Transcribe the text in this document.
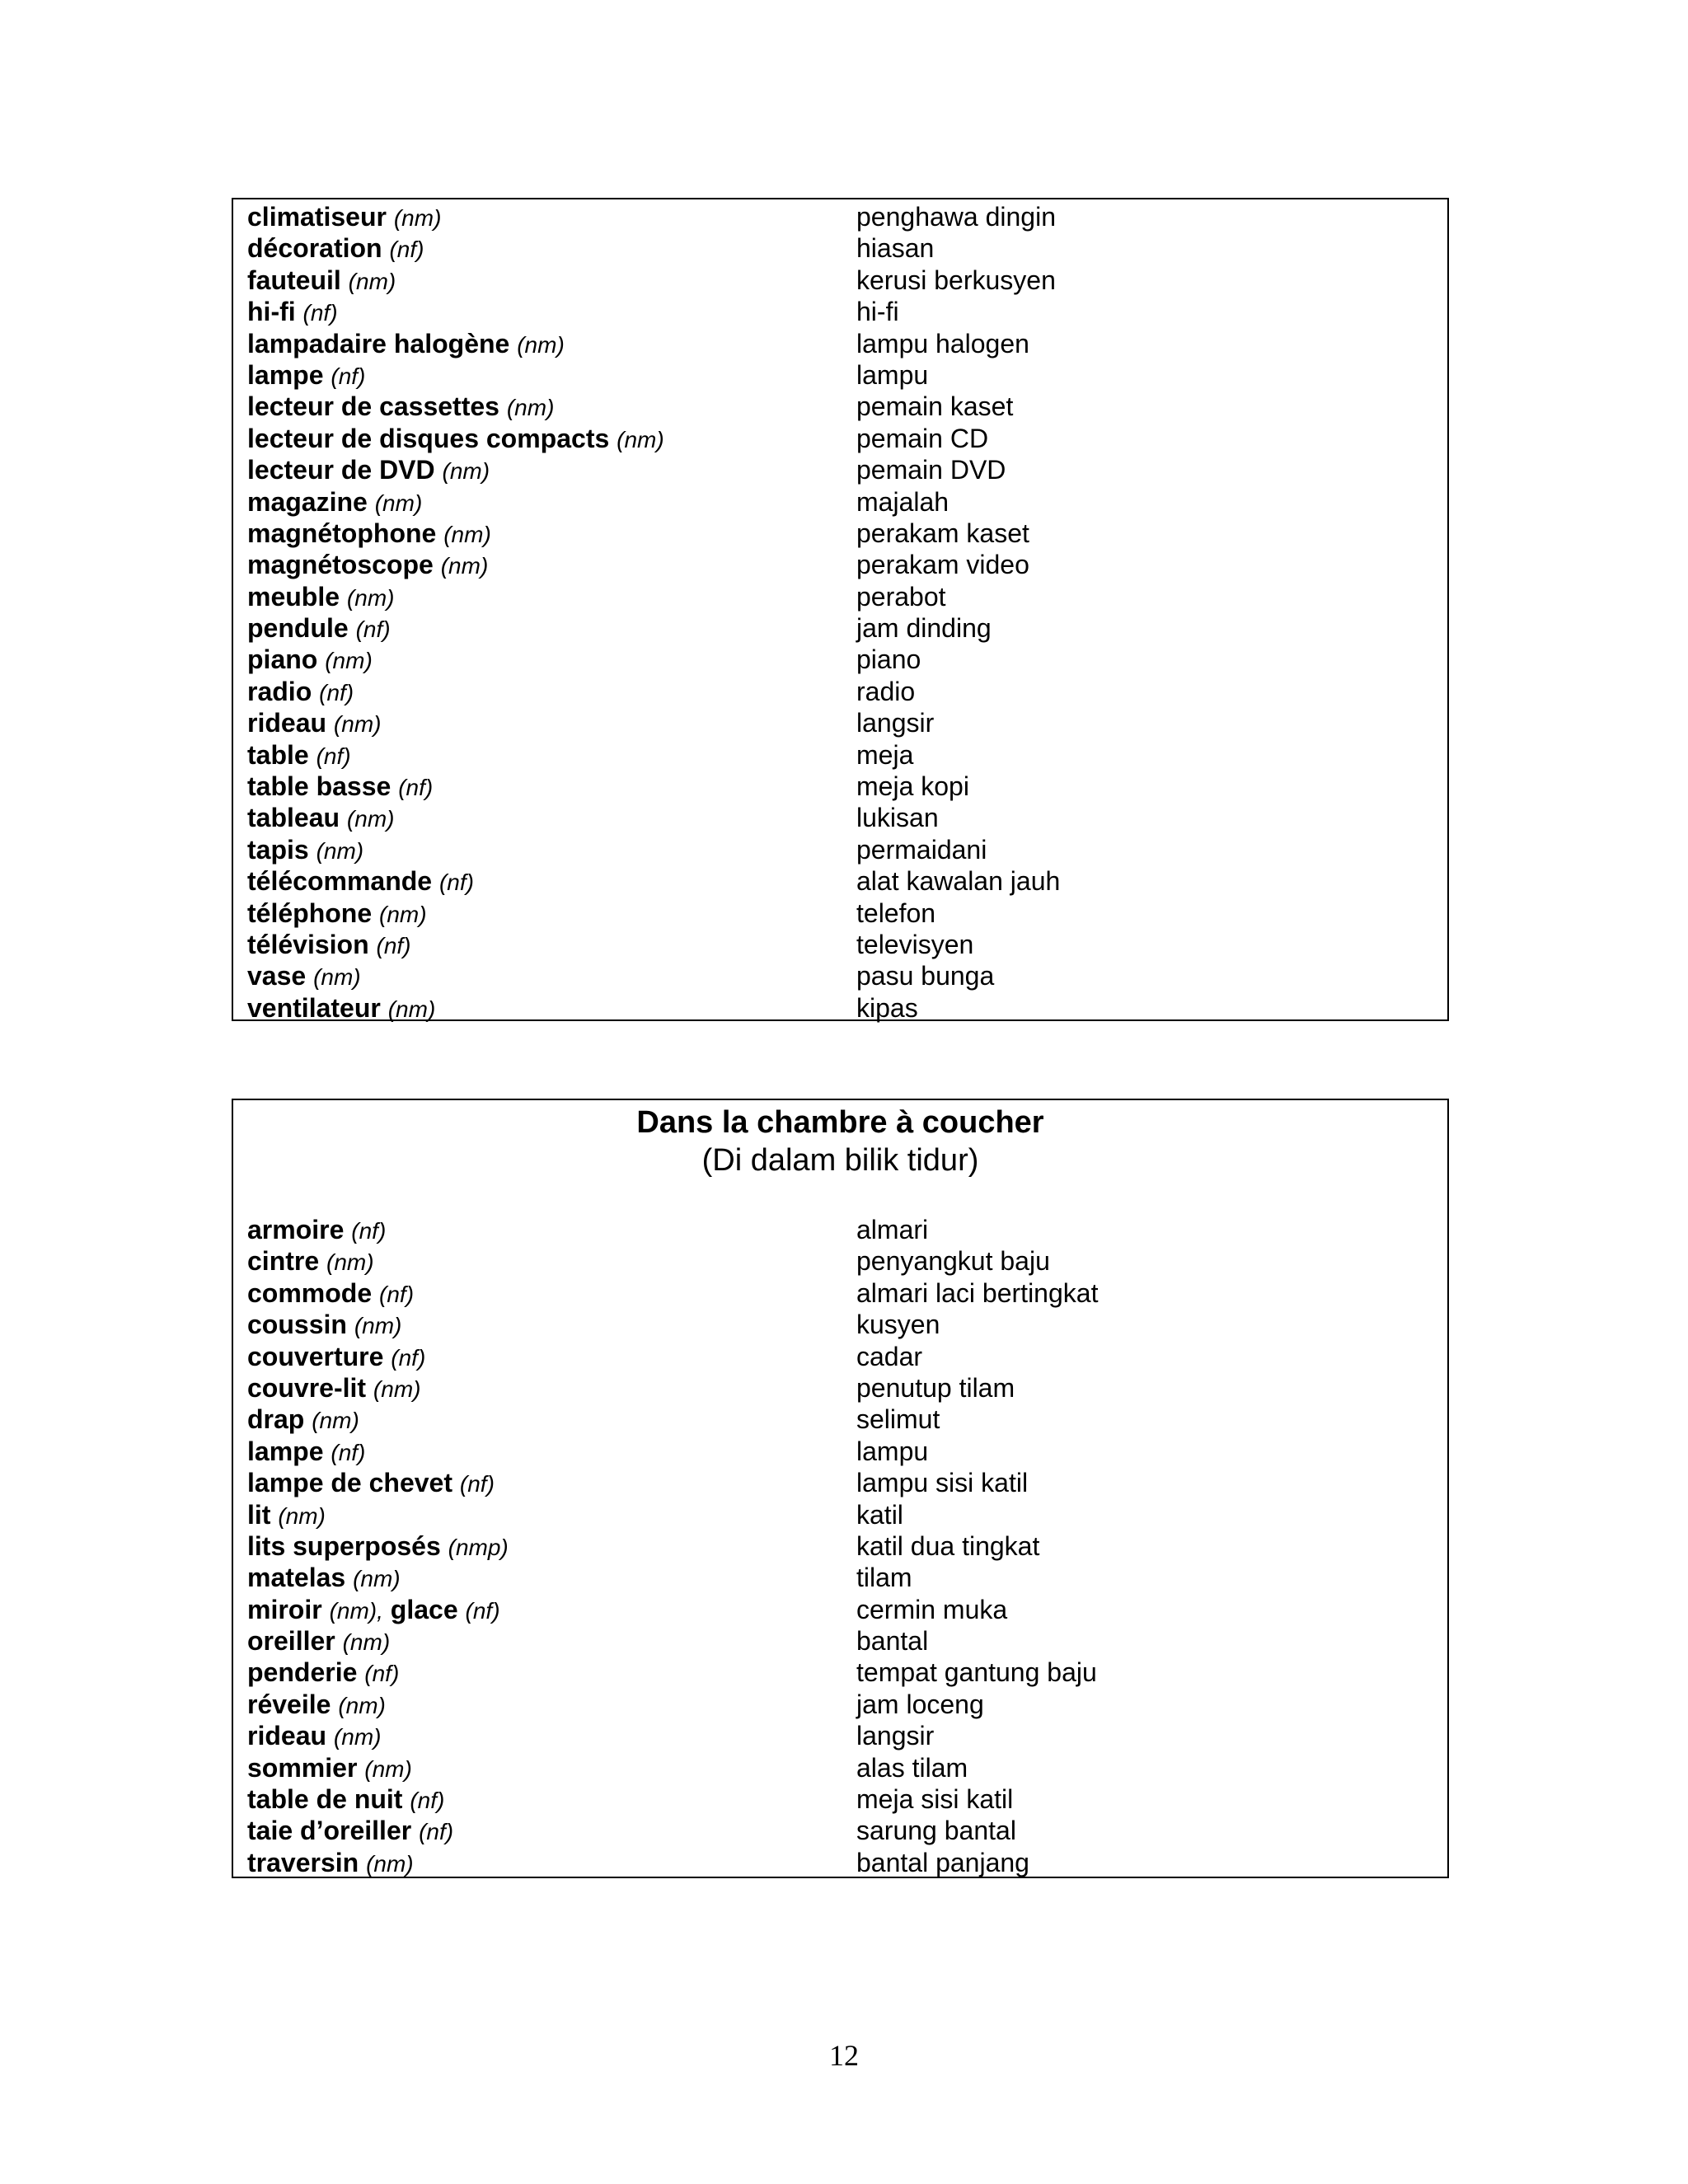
climatiseur (nm)	penghawa dingin
décoration (nf)	hiasan
fauteuil (nm)	kerusi berkusyen
hi-fi (nf)	hi-fi
lampadaire halogène (nm)	lampu halogen
lampe (nf)	lampu
lecteur de cassettes (nm)	pemain kaset
lecteur de disques compacts (nm)	pemain CD
lecteur de DVD (nm)	pemain DVD
magazine (nm)	majalah
magnétophone (nm)	perakam kaset
magnétoscope (nm)	perakam video
meuble (nm)	perabot
pendule (nf)	jam dinding
piano (nm)	piano
radio (nf)	radio
rideau (nm)	langsir
table (nf)	meja
table basse (nf)	meja kopi
tableau (nm)	lukisan
tapis (nm)	permaidani
télécommande (nf)	alat kawalan jauh
téléphone (nm)	telefon
télévision (nf)	televisyen
vase (nm)	pasu bunga
ventilateur (nm)	kipas
Dans la chambre à coucher
(Di dalam bilik tidur)
armoire (nf)	almari
cintre (nm)	penyangkut baju
commode (nf)	almari laci bertingkat
coussin (nm)	kusyen
couverture (nf)	cadar
couvre-lit (nm)	penutup tilam
drap (nm)	selimut
lampe (nf)	lampu
lampe de chevet (nf)	lampu sisi katil
lit (nm)	katil
lits superposés (nmp)	katil dua tingkat
matelas (nm)	tilam
miroir (nm), glace (nf)	cermin muka
oreiller (nm)	bantal
penderie (nf)	tempat gantung baju
réveile (nm)	jam loceng
rideau (nm)	langsir
sommier (nm)	alas tilam
table de nuit (nf)	meja sisi katil
taie d’oreiller (nf)	sarung bantal
traversin (nm)	bantal panjang
12
